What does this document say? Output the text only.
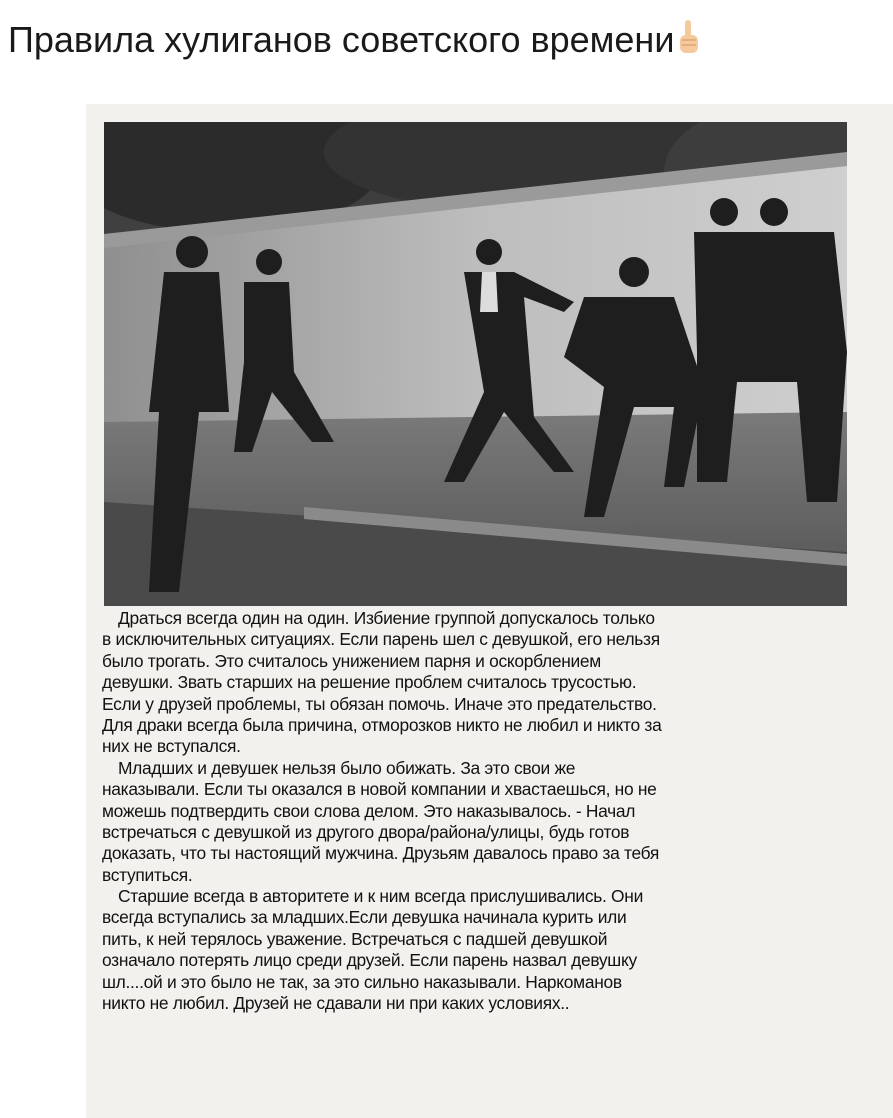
Правила хулиганов советского времени
Драться всегда один на один. Избиение группой допускалось только
в исключительных ситуациях. Если парень шел с девушкой, его нельзя
было трогать. Это считалось унижением парня и оскорблением
девушки. Звать старших на решение проблем считалось трусостью.
Если у друзей проблемы, ты обязан помочь. Иначе это предательство.
Для драки всегда была причина, отморозков никто не любил и никто за
них не вступался.
Младших и девушек нельзя было обижать. За это свои же
наказывали. Если ты оказался в новой компании и хвастаешься, но не
можешь подтвердить свои слова делом. Это наказывалось. - Начал
встречаться с девушкой из другого двора/района/улицы, будь готов
доказать, что ты настоящий мужчина. Друзьям давалось право за тебя
вступиться.
Старшие всегда в авторитете и к ним всегда прислушивались. Они
всегда вступались за младших.Если девушка начинала курить или
пить, к ней терялось уважение. Встречаться с падшей девушкой
означало потерять лицо среди друзей. Если парень назвал девушку
шл....ой и это было не так, за это сильно наказывали. Наркоманов
никто не любил. Друзей не сдавали ни при каких условиях..
